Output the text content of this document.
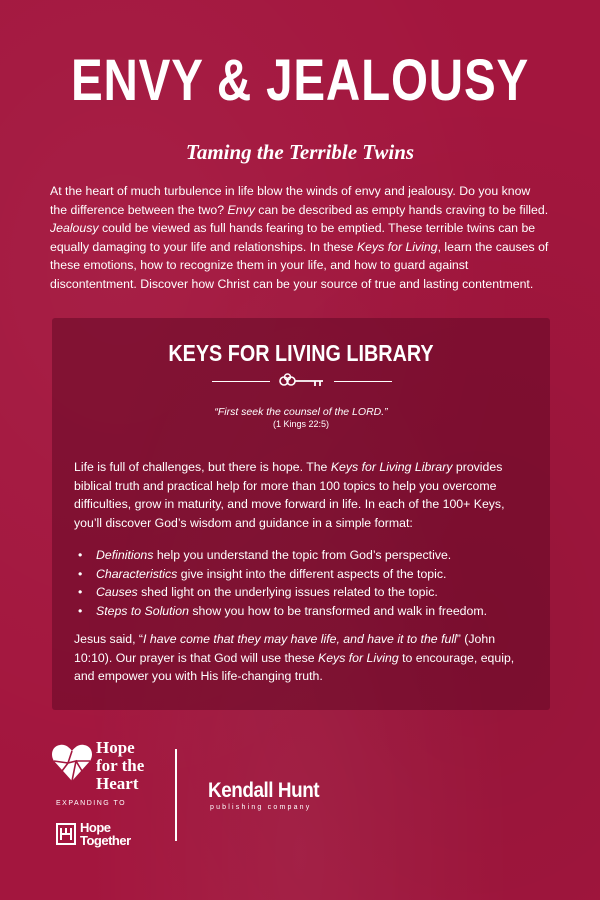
ENVY & JEALOUSY
Taming the Terrible Twins
At the heart of much turbulence in life blow the winds of envy and jealousy. Do you know the difference between the two? Envy can be described as empty hands craving to be filled. Jealousy could be viewed as full hands fearing to be emptied. These terrible twins can be equally damaging to your life and relationships. In these Keys for Living, learn the causes of these emotions, how to recognize them in your life, and how to guard against discontentment. Discover how Christ can be your source of true and lasting contentment.
KEYS FOR LIVING LIBRARY
“First seek the counsel of the LORD.”
(1 Kings 22:5)
Life is full of challenges, but there is hope. The Keys for Living Library provides biblical truth and practical help for more than 100 topics to help you overcome difficulties, grow in maturity, and move forward in life. In each of the 100+ Keys, you’ll discover God’s wisdom and guidance in a simple format:
• Definitions help you understand the topic from God’s perspective.
• Characteristics give insight into the different aspects of the topic.
• Causes shed light on the underlying issues related to the topic.
• Steps to Solution show you how to be transformed and walk in freedom.
Jesus said, “I have come that they may have life, and have it to the full” (John 10:10). Our prayer is that God will use these Keys for Living to encourage, equip, and empower you with His life-changing truth.
Hope
for the
Heart
EXPANDING TO
Hope
Together
Kendall Hunt
publishing company
